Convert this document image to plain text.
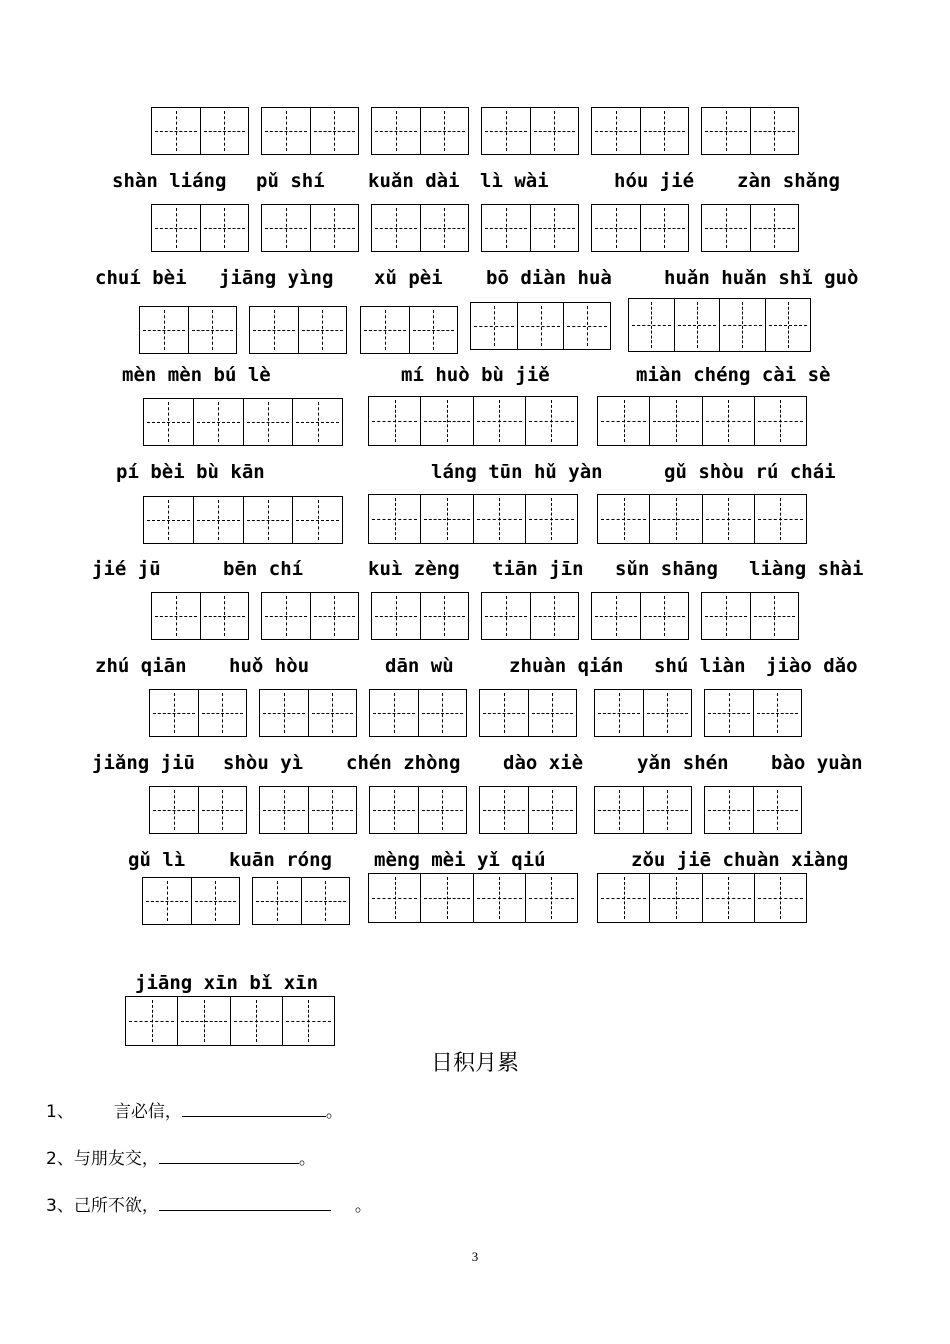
shàn liáng pǔ shí kuǎn dài lì wài	hóu jié zàn shǎng
chuí bèi jiāng yìng xǔ pèi bō diàn huà	huǎn huǎn shǐ guò
mèn mèn bú lè	mí huò bù jiě	miàn chéng cài sè
pí bèi bù kān	láng tūn hǔ yàn	gǔ shòu rú chái
jié jū	bēn chí	kuì zèng tiān jīn sǔn shāng liàng shài
zhú qiān huǒ hòu	dān wù	zhuàn qián shú liàn jiào dǎo
jiǎng jiū shòu yì chén zhòng dào xiè	yǎn shén bào yuàn
gǔ lì kuān róng mèng mèi yǐ qiú	zǒu jiē chuàn xiàng
jiāng xīn bǐ xīn
日积月累
1、 言必信，	。
2、与朋友交，	。
3、己所不欲，	。
3
